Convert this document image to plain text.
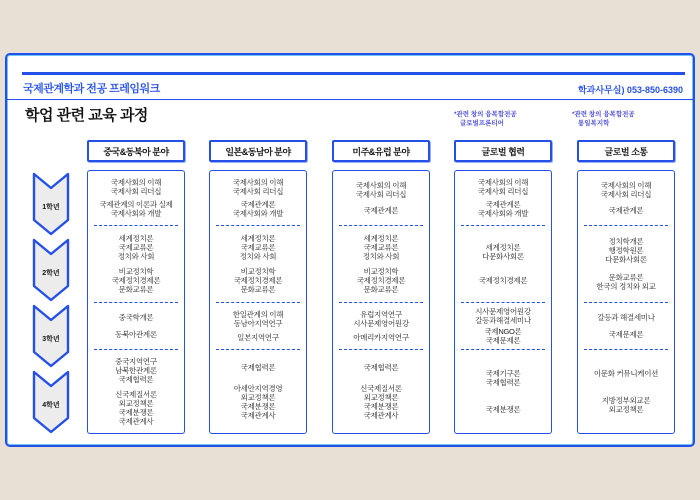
국제관계학과 전공 프레임워크	학과사무실) 053-850-6390
학업 관련 교육 과정	*관련 창의 융복합전공
글로벌프론티어
*관련 창의 융복합전공
통일복지학
1학년
2학년
3학년
4학년
중국&동북아 분야
국제사회의 이해
국제사회 리더십
국제관계의 이론과 실제
국제사회와 개발
세계정치론
국제교류론
정치와 사회
비교정치학
국제정치경제론
문화교류론
중국학개론
동북아관계론
중국지역연구
남북한관계론
국제협력론
신국제질서론
외교정책론
국제분쟁론
국제관계사
일본&동남아 분야
국제사회의 이해
국제사회 리더십
국제관계론
국제사회와 개발
세계정치론
국제교류론
정치와 사회
비교정치학
국제정치경제론
문화교류론
한일관계의 이해
동남아지역연구
일본지역연구
국제협력론
아세안지역경영
외교정책론
국제분쟁론
국제관계사
미주&유럽 분야
국제사회의 이해
국제사회 리더십
국제관계론
세계정치론
국제교류론
정치와 사회
비교정치학
국제정치경제론
문화교류론
유럽지역연구
시사문제영어원강
아메리카지역연구
국제협력론
신국제질서론
외교정책론
국제분쟁론
국제관계사
글로벌 협력
국제사회의 이해
국제사회 리더십
국제관계론
국제사회와 개발
세계정치론
다문화사회론
국제정치경제론
시사문제영어원강
갈등과해결세미나
국제NGO론
국제문제론
국제기구론
국제협력론
국제분쟁론
글로벌 소통
국제사회의 이해
국제사회 리더십
국제관계론
정치학개론
행정학원론
다문화사회론
문화교류론
한국의 정치와 외교
갈등과 해결세미나
국제문제론
이문화 커뮤니케이션
지방정부외교론
외교정책론
